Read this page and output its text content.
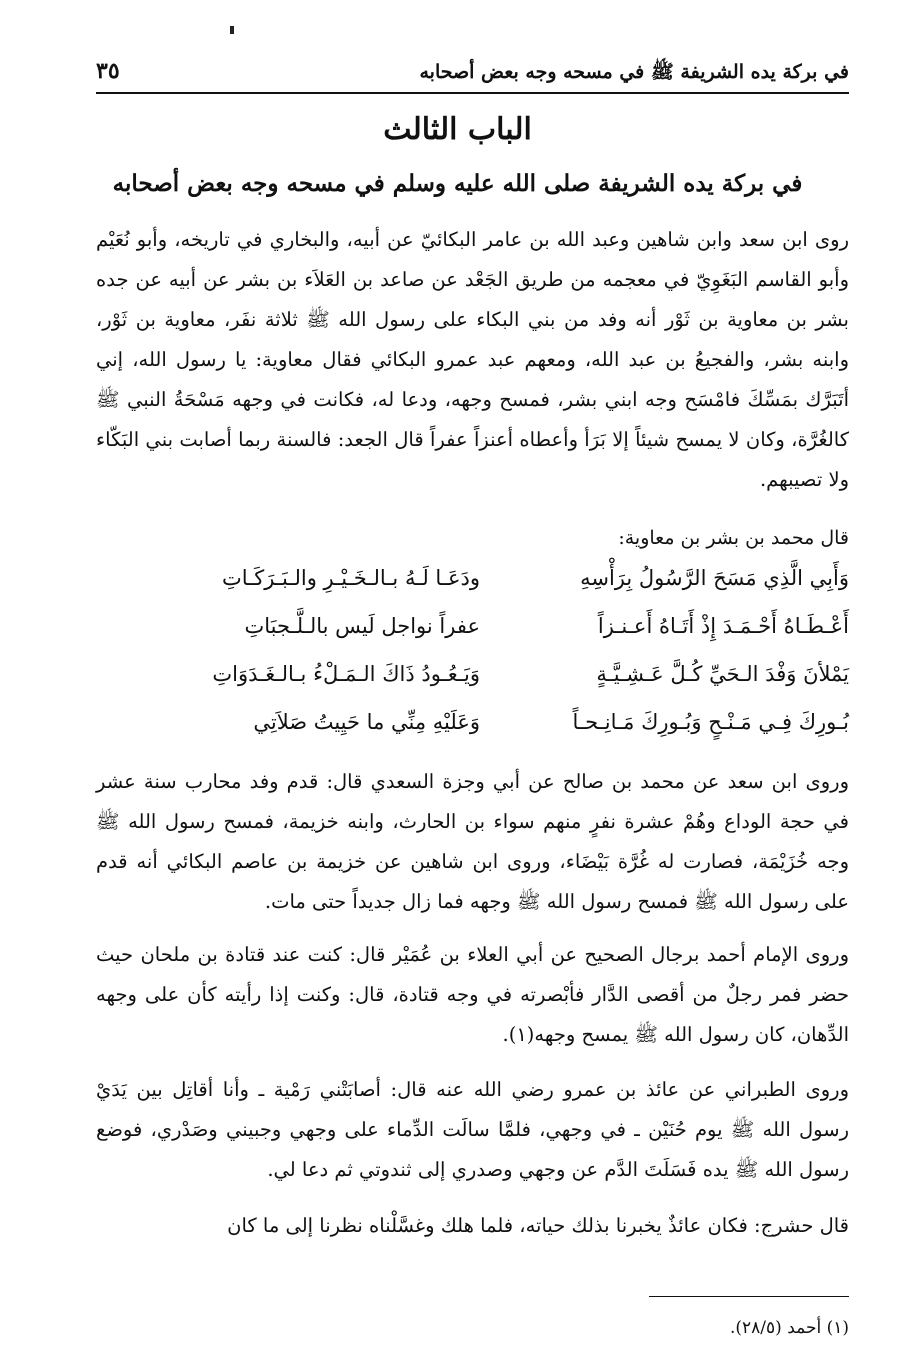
في بركة يده الشريفة ﷺ في مسحه وجه بعض أصحابه
٣٥
الباب الثالث
في بركة يده الشريفة صلى الله عليه وسلم في مسحه وجه بعض أصحابه

روى ابن سعد وابن شاهين وعبد الله بن عامر البكائيّ عن أبيه، والبخاري في تاريخه، وأبو نُعَيْم وأبو القاسم البَغَوِيّ في معجمه من طريق الجَعْد عن صاعد بن العَلاَء بن بشر عن أبيه عن جده بشر بن معاوية بن ثَوْر أنه وفد من بني البكاء على رسول الله ﷺ ثلاثة نفَر، معاوية بن ثَوْر، وابنه بشر، والفجيعُ بن عبد الله، ومعهم عبد عمرو البكائي فقال معاوية: يا رسول الله، إني أتَبَرَّك بمَسِّكَ فامْسَح وجه ابني بشر، فمسح وجهه، ودعا له، فكانت في وجهه مَسْحَةُ النبي ﷺ كالغُرَّة، وكان لا يمسح شيئاً إلا بَرَأ وأعطاه أعنزاً عفراً قال الجعد: فالسنة ربما أصابت بني البَكّاء ولا تصيبهم.

قال محمد بن بشر بن معاوية:

وَأَبِي الَّذِي مَسَحَ الرَّسُولُ بِرَأْسِهِ
ودَعَـا لَـهُ بـالـخَـيْـرِ والـبَـرَكَـاتِ
أَعْـطَـاهُ أَحْـمَـدَ إِذْ أَتَـاهُ أَعـنـزاً
عفراً نواجل لَيس بالـلَّـجبَاتِ
يَمْلأنَ وَفْدَ الـحَيِّ كُـلَّ عَـشِـيَّـةٍ
وَيَـعُـودُ ذَاكَ الـمَـلْءُ بـالـغَـدَوَاتِ
بُـورِكَ فِـي مَـنْـحٍ وَبُـورِكَ مَـانِـحـاً
وَعَلَيْهِ مِنِّي ما حَيِيتُ صَلاَتِي

وروى ابن سعد عن محمد بن صالح عن أبي وجزة السعدي قال: قدم وفد محارب سنة عشر في حجة الوداع وهُمْ عشرة نفرٍ منهم سواء بن الحارث، وابنه خزيمة، فمسح رسول الله ﷺ وجه خُزَيْمَة، فصارت له غُرَّة بَيْضَاء، وروى ابن شاهين عن خزيمة بن عاصم البكائي أنه قدم على رسول الله ﷺ فمسح رسول الله ﷺ وجهه فما زال جديداً حتى مات.

وروى الإمام أحمد برجال الصحيح عن أبي العلاء بن عُمَيْر قال: كنت عند قتادة بن ملحان حيث حضر فمر رجلٌ من أقصى الدَّار فأبْصرته في وجه قتادة، قال: وكنت إذا رأيته كأن على وجهه الدِّهان، كان رسول الله ﷺ يمسح وجهه(١).

وروى الطبراني عن عائذ بن عمرو رضي الله عنه قال: أصابَتْني رَمْية ـ وأنا أقاتِل بين يَدَيْ رسول الله ﷺ يوم حُنَيْن ـ في وجهي، فلمَّا سالَت الدِّماء على وجهي وجبيني وصَدْري، فوضع رسول الله ﷺ يده فَسَلَتَ الدَّم عن وجهي وصدري إلى ثندوتي ثم دعا لي.

قال حشرج: فكان عائذٌ يخبرنا بذلك حياته، فلما هلك وغسَّلْناه نظرنا إلى ما كان

(١) أحمد (٢٨/٥).
